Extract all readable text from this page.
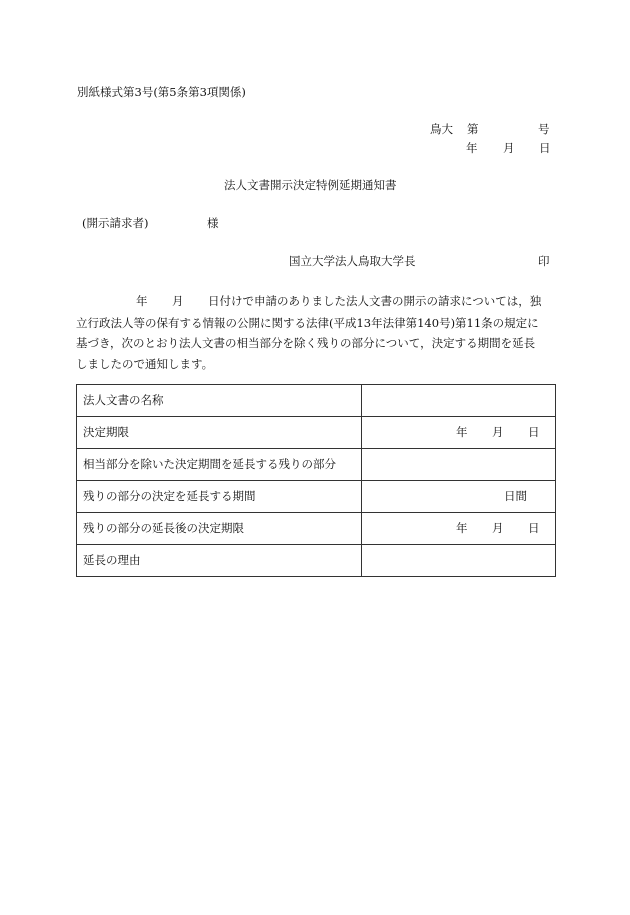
別紙様式第3号(第5条第3項関係)
鳥大 第	号
年 月 日
法人文書開示決定特例延期通知書
(開示請求者)	様
国立大学法人鳥取大学長	印
年 月 日付けで申請のありました法人文書の開示の請求については，独
立行政法人等の保有する情報の公開に関する法律(平成13年法律第140号)第11条の規定に
基づき，次のとおり法人文書の相当部分を除く残りの部分について，決定する期間を延長
しましたので通知します。
法人文書の名称	
決定期限	年 月 日

相当部分を除いた決定期間を延長する残りの部分	
残りの部分の決定を延長する期間	日間

残りの部分の延長後の決定期限	年 月 日

延長の理由	
